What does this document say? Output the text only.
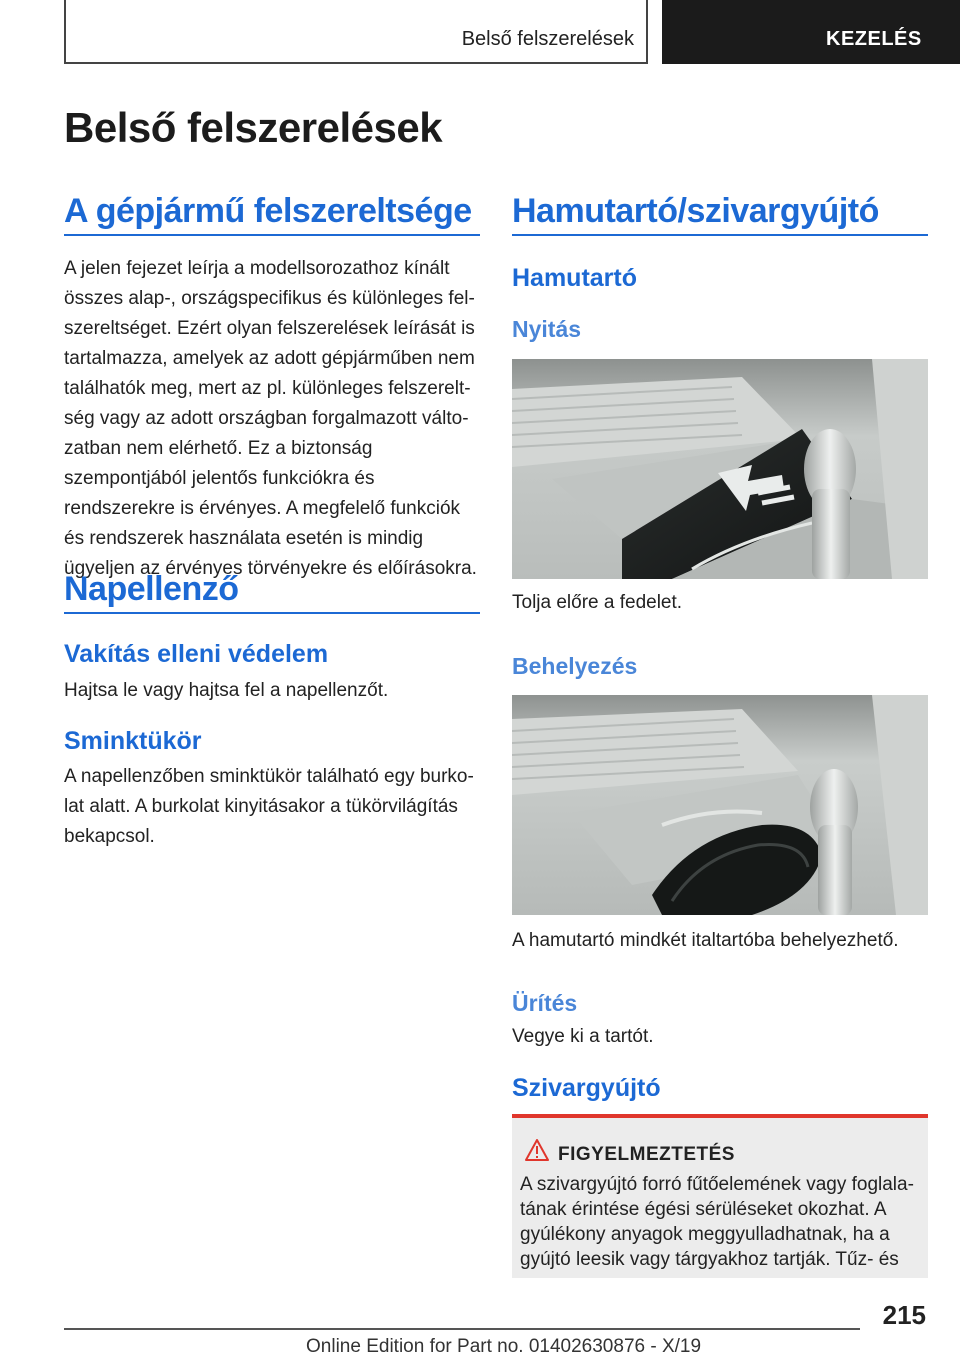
Belső felszerelések	KEZELÉS
Belső felszerelések
A gépjármű felszereltsége

A jelen fejezet leírja a modellsorozathoz kínált összes alap-, országspecifikus és különleges felszereltséget. Ezért olyan felszerelések leírását is tartalmazza, amelyek az adott gépjárműben nem találhatók meg, mert az pl. különleges felszereltség vagy az adott országban forgalmazott változatban nem elérhető. Ez a biztonság szempontjából jelentős funkciókra és rendszerekre is érvényes. A megfelelő funkciók és rendszerek használata esetén is mindig ügyeljen az érvényes törvényekre és előírásokra.

Napellenző
Vakítás elleni védelem

Hajtsa le vagy hajtsa fel a napellenzőt.

Sminktükör

A napellenzőben sminktükör található egy burkolat alatt. A burkolat kinyitásakor a tükörvilágítás bekapcsol.

Hamutartó/szivargyújtó
Hamutartó
Nyitás

Tolja előre a fedelet.

Behelyezés

A hamutartó mindkét italtartóba behelyezhető.

Ürítés

Vegye ki a tartót.

Szivargyújtó
FIGYELMEZTETÉS
A szivargyújtó forró fűtőelemének vagy foglalatának érintése égési sérüléseket okozhat. A gyúlékony anyagok meggyulladhatnak, ha a gyújtó leesik vagy tárgyakhoz tartják. Tűz- és
215
Online Edition for Part no. 01402630876 - X/19
